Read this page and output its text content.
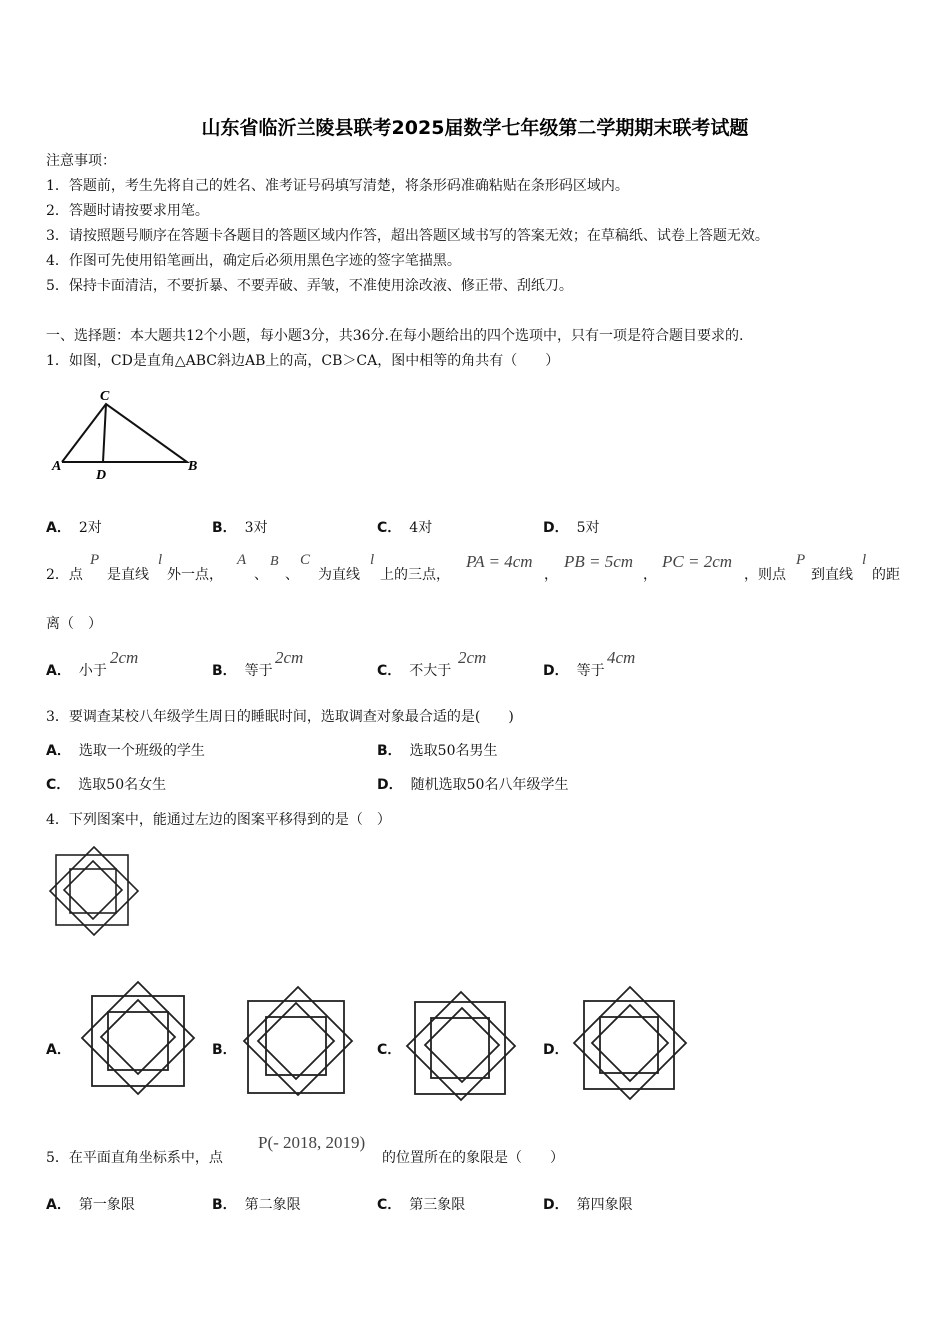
山东省临沂兰陵县联考2025届数学七年级第二学期期末联考试题
注意事项：
1．答题前，考生先将自己的姓名、准考证号码填写清楚，将条形码准确粘贴在条形码区域内。
2．答题时请按要求用笔。
3．请按照题号顺序在答题卡各题目的答题区域内作答，超出答题区域书写的答案无效；在草稿纸、试卷上答题无效。
4．作图可先使用铅笔画出，确定后必须用黑色字迹的签字笔描黑。
5．保持卡面清洁，不要折暴、不要弄破、弄皱，不准使用涂改液、修正带、刮纸刀。
一、选择题：本大题共12个小题，每小题3分，共36分.在每小题给出的四个选项中，只有一项是符合题目要求的.
1．如图，CD是直角△ABC斜边AB上的高，CB＞CA，图中相等的角共有（　　）
C
A
D
B
A． 2对	B． 3对	C． 4对	D． 5对
2．点
P
是直线
l
外一点，
A
、
B
、
C
为直线
l
上的三点，
PA = 4cm
，
PB = 5cm
，
PC = 2cm
，则点
P
到直线
l
的距
离（　）
A． 小于
2cm
B． 等于
2cm
C． 不大于
2cm
D． 等于
4cm
3．要调查某校八年级学生周日的睡眠时间，选取调查对象最合适的是(　　)
A． 选取一个班级的学生	B． 选取50名男生
C． 选取50名女生	D． 随机选取50名八年级学生
4．下列图案中，能通过左边的图案平移得到的是（　）
A．	B．	C．	D．
5．在平面直角坐标系中，点
P(- 2018, 2019)
的位置所在的象限是（　　）
A． 第一象限	B． 第二象限	C． 第三象限	D． 第四象限
